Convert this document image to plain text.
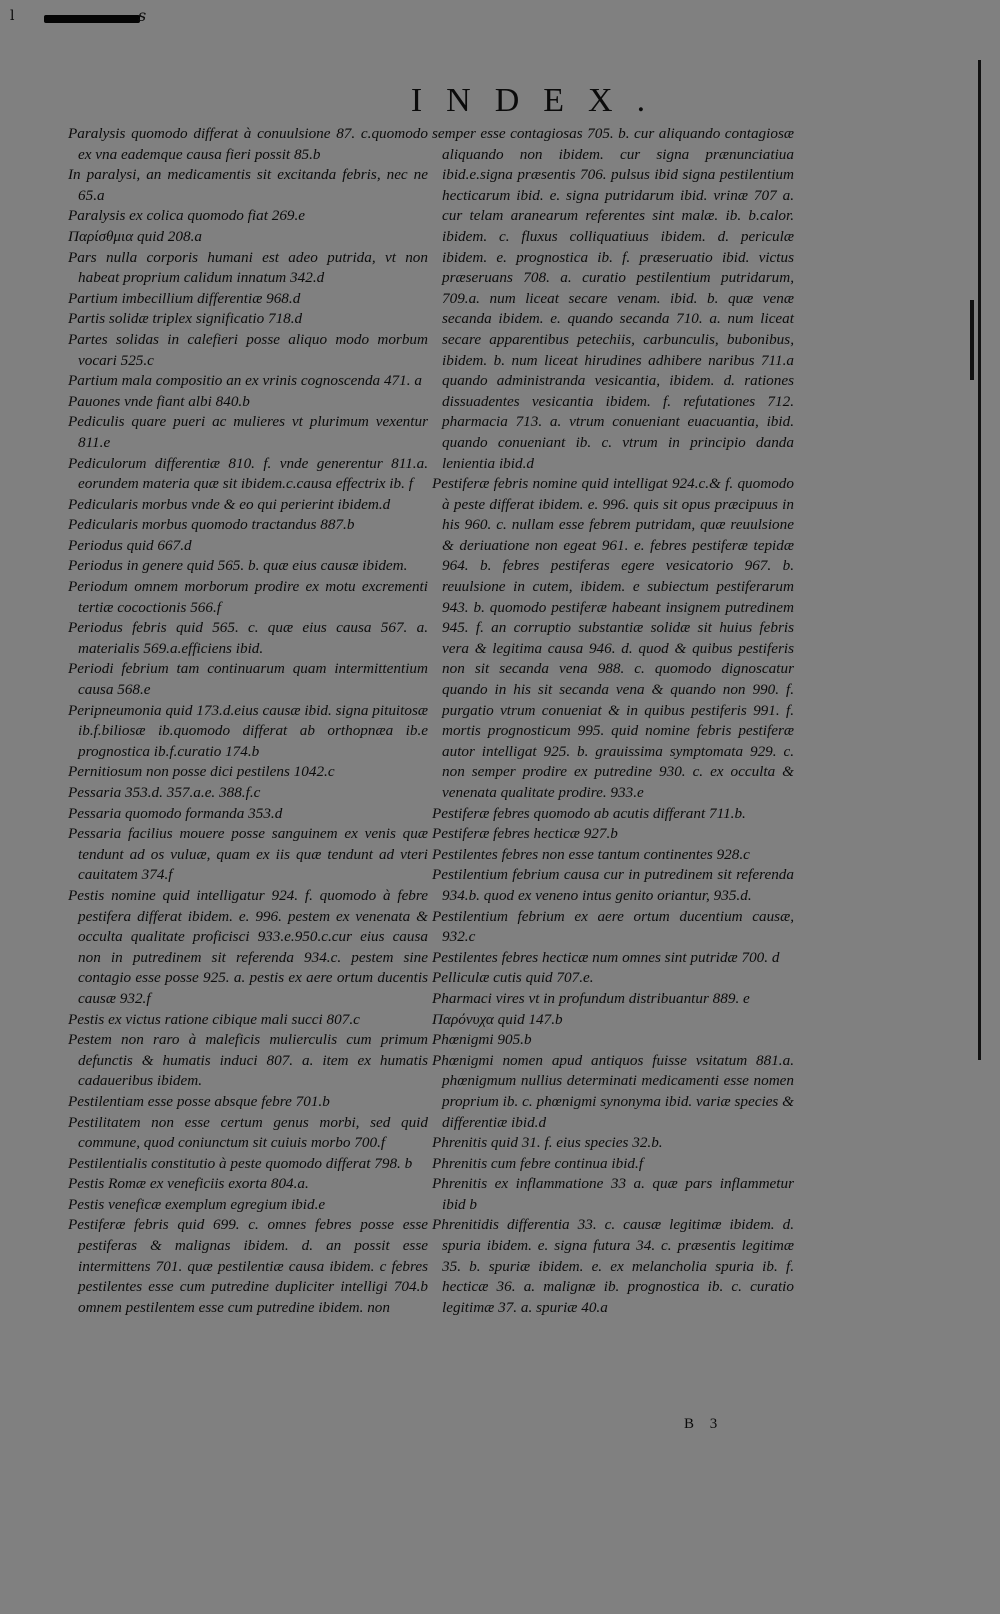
s
l
INDEX.

Paralysis quomodo differat à conuulsione 87. c.quomodo ex vna eademque causa fieri possit 85.b

In paralysi, an medicamentis sit excitanda febris, nec ne 65.a

Paralysis ex colica quomodo fiat 269.e

Παρίσθμια quid 208.a

Pars nulla corporis humani est adeo putrida, vt non habeat proprium calidum innatum 342.d

Partium imbecillium differentiæ 968.d

Partis solidæ triplex significatio 718.d

Partes solidas in calefieri posse aliquo modo morbum vocari 525.c

Partium mala compositio an ex vrinis cognoscenda 471. a

Pauones vnde fiant albi 840.b

Pediculis quare pueri ac mulieres vt plurimum vexentur 811.e

Pediculorum differentiæ 810. f. vnde generentur 811.a. eorundem materia quæ sit ibidem.c.causa effectrix ib. f

Pedicularis morbus vnde & eo qui perierint ibidem.d

Pedicularis morbus quomodo tractandus 887.b

Periodus quid 667.d

Periodus in genere quid 565. b. quæ eius causæ ibidem.

Periodum omnem morborum prodire ex motu excrementi tertiæ cococtionis 566.f

Periodus febris quid 565. c. quæ eius causa 567. a. materialis 569.a.efficiens ibid.

Periodi febrium tam continuarum quam intermittentium causa 568.e

Peripneumonia quid 173.d.eius causæ ibid. signa pituitosæ ib.f.biliosæ ib.quomodo differat ab orthopnæa ib.e prognostica ib.f.curatio 174.b

Pernitiosum non posse dici pestilens 1042.c

Pessaria 353.d. 357.a.e. 388.f.c

Pessaria quomodo formanda 353.d

Pessaria facilius mouere posse sanguinem ex venis quæ tendunt ad os vuluæ, quam ex iis quæ tendunt ad vteri cauitatem 374.f

Pestis nomine quid intelligatur 924. f. quomodo à febre pestifera differat ibidem. e. 996. pestem ex venenata & occulta qualitate proficisci 933.e.950.c.cur eius causa non in putredinem sit referenda 934.c. pestem sine contagio esse posse 925. a. pestis ex aere ortum ducentis causæ 932.f

Pestis ex victus ratione cibique mali succi 807.c

Pestem non raro à maleficis mulierculis cum primum defunctis & humatis induci 807. a. item ex humatis cadaueribus ibidem.

Pestilentiam esse posse absque febre 701.b

Pestilitatem non esse certum genus morbi, sed quid commune, quod coniunctum sit cuiuis morbo 700.f

Pestilentialis constitutio à peste quomodo differat 798. b

Pestis Romæ ex veneficiis exorta 804.a.

Pestis veneficæ exemplum egregium ibid.e

Pestiferæ febris quid 699. c. omnes febres posse esse pestiferas & malignas ibidem. d. an possit esse intermittens 701. quæ pestilentiæ causa ibidem. c febres pestilentes esse cum putredine dupliciter intelligi 704.b omnem pestilentem esse cum putredine ibidem. non

semper esse contagiosas 705. b. cur aliquando contagiosæ aliquando non ibidem. cur signa prænunciatiua ibid.e.signa præsentis 706. pulsus ibid signa pestilentium hecticarum ibid. e. signa putridarum ibid. vrinæ 707 a. cur telam aranearum referentes sint malæ. ib. b.calor. ibidem. c. fluxus colliquatiuus ibidem. d. periculæ ibidem. e. prognostica ib. f. præseruatio ibid. victus præseruans 708. a. curatio pestilentium putridarum, 709.a. num liceat secare venam. ibid. b. quæ venæ secanda ibidem. e. quando secanda 710. a. num liceat secare apparentibus petechiis, carbunculis, bubonibus, ibidem. b. num liceat hirudines adhibere naribus 711.a quando administranda vesicantia, ibidem. d. rationes dissuadentes vesicantia ibidem. f. refutationes 712. pharmacia 713. a. vtrum conueniant euacuantia, ibid. quando conueniant ib. c. vtrum in principio danda lenientia ibid.d

Pestiferæ febris nomine quid intelligat 924.c.& f. quomodo à peste differat ibidem. e. 996. quis sit opus præcipuus in his 960. c. nullam esse febrem putridam, quæ reuulsione & deriuatione non egeat 961. e. febres pestiferæ tepidæ 964. b. febres pestiferas egere vesicatorio 967. b. reuulsione in cutem, ibidem. e subiectum pestiferarum 943. b. quomodo pestiferæ habeant insignem putredinem 945. f. an corruptio substantiæ solidæ sit huius febris vera & legitima causa 946. d. quod & quibus pestiferis non sit secanda vena 988. c. quomodo dignoscatur quando in his sit secanda vena & quando non 990. f. purgatio vtrum conueniat & in quibus pestiferis 991. f. mortis prognosticum 995. quid nomine febris pestiferæ autor intelligat 925. b. grauissima symptomata 929. c. non semper prodire ex putredine 930. c. ex occulta & venenata qualitate prodire. 933.e

Pestiferæ febres quomodo ab acutis differant 711.b.

Pestiferæ febres hecticæ 927.b

Pestilentes febres non esse tantum continentes 928.c

Pestilentium febrium causa cur in putredinem sit referenda 934.b. quod ex veneno intus genito oriantur, 935.d.

Pestilentium febrium ex aere ortum ducentium causæ, 932.c

Pestilentes febres hecticæ num omnes sint putridæ 700. d

Pelliculæ cutis quid 707.e.

Pharmaci vires vt in profundum distribuantur 889. e

Παρόνυχα quid 147.b

Phœnigmi 905.b

Phœnigmi nomen apud antiquos fuisse vsitatum 881.a. phœnigmum nullius determinati medicamenti esse nomen proprium ib. c. phœnigmi synonyma ibid. variæ species & differentiæ ibid.d

Phrenitis quid 31. f. eius species 32.b.

Phrenitis cum febre continua ibid.f

Phrenitis ex inflammatione 33 a. quæ pars inflammetur ibid b

Phrenitidis differentia 33. c. causæ legitimæ ibidem. d. spuria ibidem. e. signa futura 34. c. præsentis legitimæ 35. b. spuriæ ibidem. e. ex melancholia spuria ib. f. hecticæ 36. a. malignæ ib. prognostica ib. c. curatio legitimæ 37. a. spuriæ 40.a

B 3
